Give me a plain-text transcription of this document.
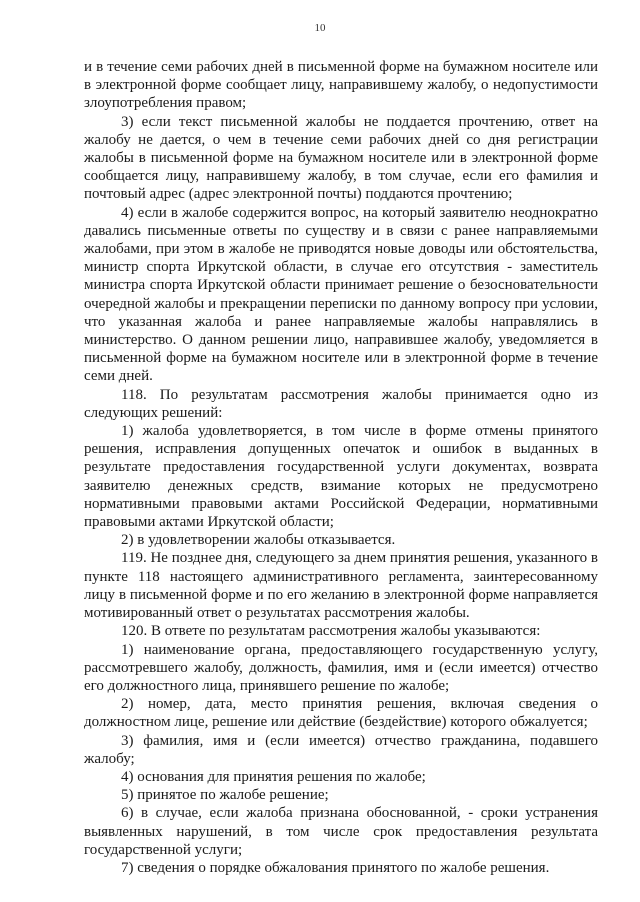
10

и в течение семи рабочих дней в письменной форме на бумажном носителе или в электронной форме сообщает лицу, направившему жалобу, о недопустимости злоупотребления правом;

3) если текст письменной жалобы не поддается прочтению, ответ на жалобу не дается, о чем в течение семи рабочих дней со дня регистрации жалобы в письменной форме на бумажном носителе или в электронной форме сообщается лицу, направившему жалобу, в том случае, если его фамилия и почтовый адрес (адрес электронной почты) поддаются прочтению;

4) если в жалобе содержится вопрос, на который заявителю неоднократно давались письменные ответы по существу и в связи с ранее направляемыми жалобами, при этом в жалобе не приводятся новые доводы или обстоятельства, министр спорта Иркутской области, в случае его отсутствия - заместитель министра спорта Иркутской области принимает решение о безосновательности очередной жалобы и прекращении переписки по данному вопросу при условии, что указанная жалоба и ранее направляемые жалобы направлялись в министерство. О данном решении лицо, направившее жалобу, уведомляется в письменной форме на бумажном носителе или в электронной форме в течение семи дней.

118. По результатам рассмотрения жалобы принимается одно из следующих решений:

1) жалоба удовлетворяется, в том числе в форме отмены принятого решения, исправления допущенных опечаток и ошибок в выданных в результате предоставления государственной услуги документах, возврата заявителю денежных средств, взимание которых не предусмотрено нормативными правовыми актами Российской Федерации, нормативными правовыми актами Иркутской области;

2) в удовлетворении жалобы отказывается.

119. Не позднее дня, следующего за днем принятия решения, указанного в пункте 118 настоящего административного регламента, заинтересованному лицу в письменной форме и по его желанию в электронной форме направляется мотивированный ответ о результатах рассмотрения жалобы.

120. В ответе по результатам рассмотрения жалобы указываются:

1) наименование органа, предоставляющего государственную услугу, рассмотревшего жалобу, должность, фамилия, имя и (если имеется) отчество его должностного лица, принявшего решение по жалобе;

2) номер, дата, место принятия решения, включая сведения о должностном лице, решение или действие (бездействие) которого обжалуется;

3) фамилия, имя и (если имеется) отчество гражданина, подавшего жалобу;

4) основания для принятия решения по жалобе;

5) принятое по жалобе решение;

6) в случае, если жалоба признана обоснованной, - сроки устранения выявленных нарушений, в том числе срок предоставления результата государственной услуги;

7) сведения о порядке обжалования принятого по жалобе решения.
